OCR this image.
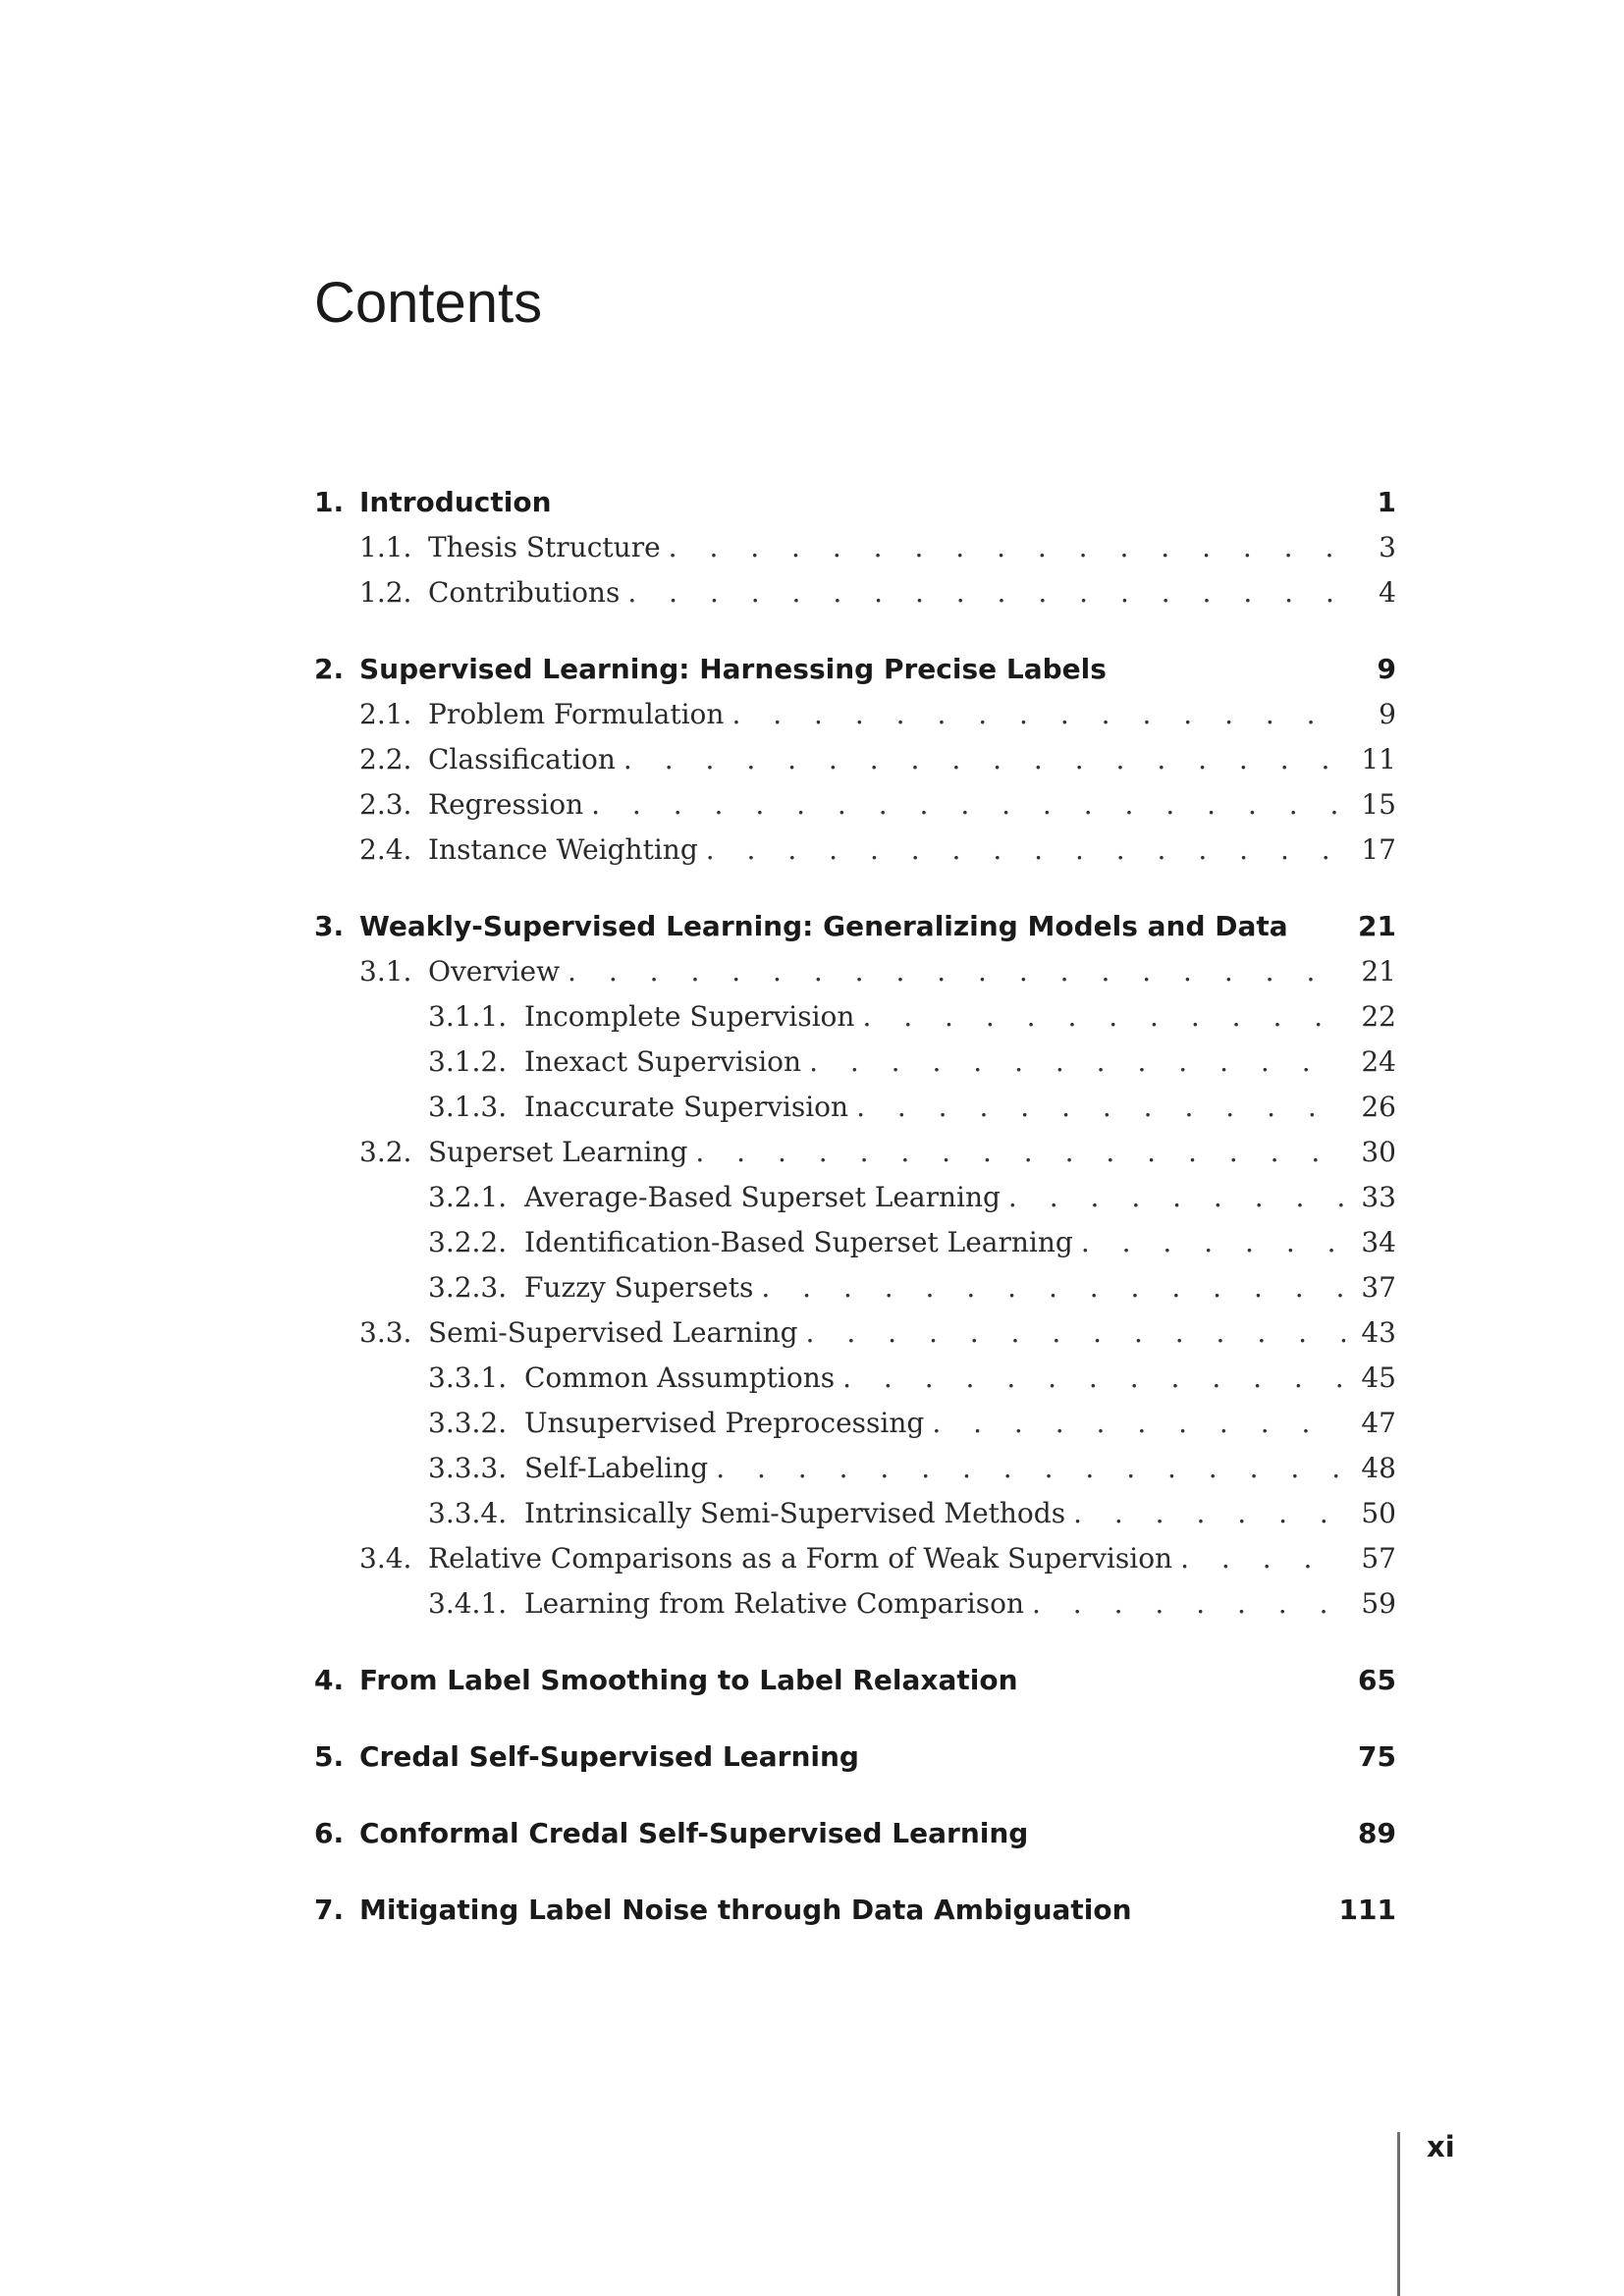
Contents
1. Introduction	1
1.1. Thesis Structure . . .	3
1.2. Contributions . . .	4
2. Supervised Learning: Harnessing Precise Labels	9
2.1. Problem Formulation . . .	9
2.2. Classification . . .	11
2.3. Regression . . .	15
2.4. Instance Weighting . . .	17
3. Weakly-Supervised Learning: Generalizing Models and Data	21
3.1. Overview . . .	21
3.1.1. Incomplete Supervision . . .	22
3.1.2. Inexact Supervision . . .	24
3.1.3. Inaccurate Supervision . . .	26
3.2. Superset Learning . . .	30
3.2.1. Average-Based Superset Learning . . .	33
3.2.2. Identification-Based Superset Learning . . .	34
3.2.3. Fuzzy Supersets . . .	37
3.3. Semi-Supervised Learning . . .	43
3.3.1. Common Assumptions . . .	45
3.3.2. Unsupervised Preprocessing . . .	47
3.3.3. Self-Labeling . . .	48
3.3.4. Intrinsically Semi-Supervised Methods . . .	50
3.4. Relative Comparisons as a Form of Weak Supervision . . .	57
3.4.1. Learning from Relative Comparison . . .	59
4. From Label Smoothing to Label Relaxation	65
5. Credal Self-Supervised Learning	75
6. Conformal Credal Self-Supervised Learning	89
7. Mitigating Label Noise through Data Ambiguation	111
xi
